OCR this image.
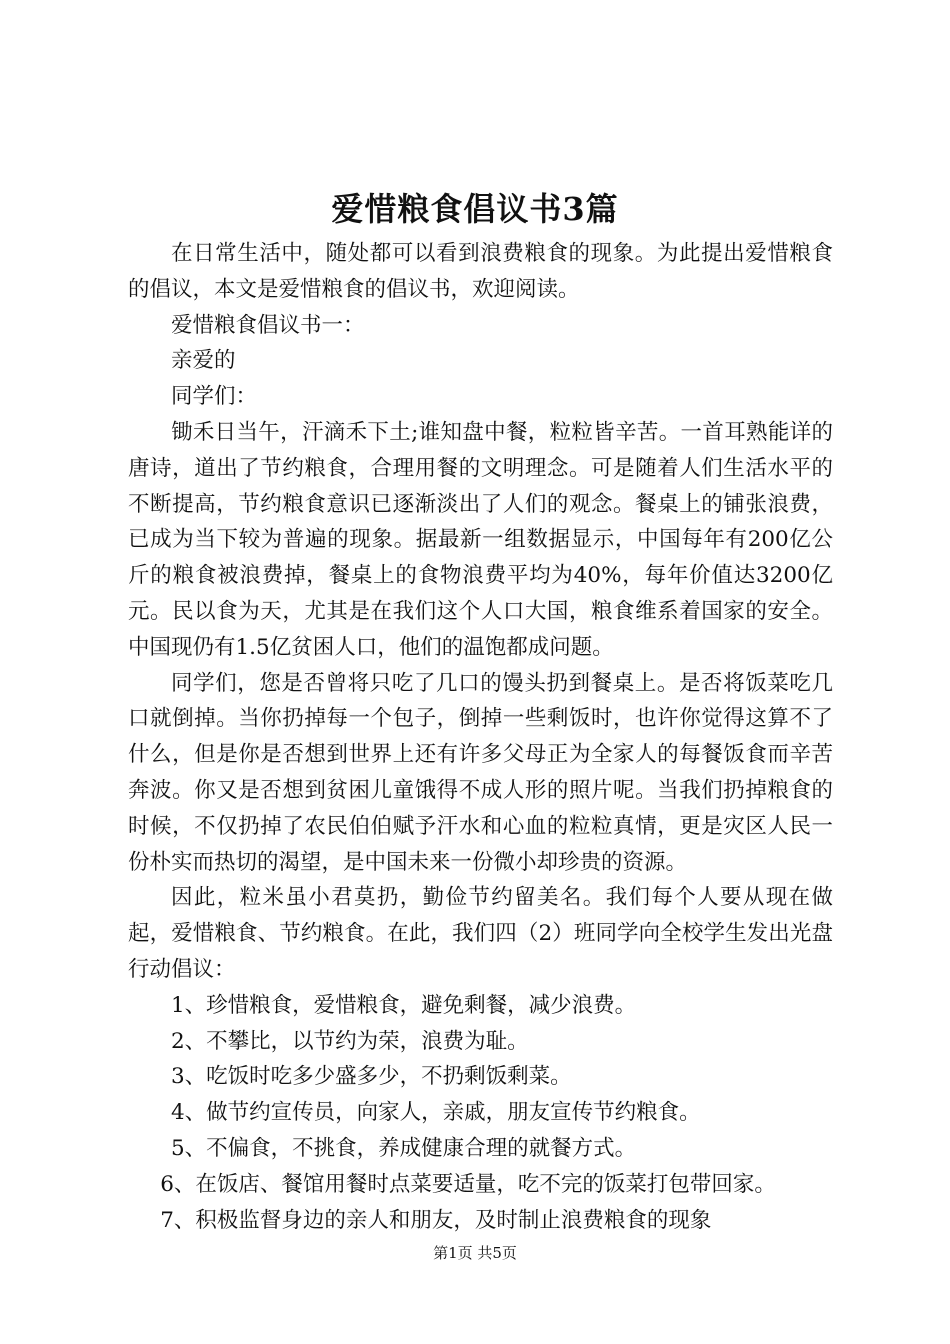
爱惜粮食倡议书3篇

在日常生活中，随处都可以看到浪费粮食的现象。为此提出爱惜粮食的倡议，本文是爱惜粮食的倡议书，欢迎阅读。

爱惜粮食倡议书一：

亲爱的

同学们：

锄禾日当午，汗滴禾下土;谁知盘中餐，粒粒皆辛苦。一首耳熟能详的唐诗，道出了节约粮食，合理用餐的文明理念。可是随着人们生活水平的不断提高，节约粮食意识已逐渐淡出了人们的观念。餐桌上的铺张浪费，已成为当下较为普遍的现象。据最新一组数据显示，中国每年有200亿公斤的粮食被浪费掉，餐桌上的食物浪费平均为40%，每年价值达3200亿元。民以食为天，尤其是在我们这个人口大国，粮食维系着国家的安全。中国现仍有1.5亿贫困人口，他们的温饱都成问题。

同学们，您是否曾将只吃了几口的馒头扔到餐桌上。是否将饭菜吃几口就倒掉。当你扔掉每一个包子，倒掉一些剩饭时，也许你觉得这算不了什么，但是你是否想到世界上还有许多父母正为全家人的每餐饭食而辛苦奔波。你又是否想到贫困儿童饿得不成人形的照片呢。当我们扔掉粮食的时候，不仅扔掉了农民伯伯赋予汗水和心血的粒粒真情，更是灾区人民一份朴实而热切的渴望，是中国未来一份微小却珍贵的资源。

因此，粒米虽小君莫扔，勤俭节约留美名。我们每个人要从现在做起，爱惜粮食、节约粮食。在此，我们四（2）班同学向全校学生发出光盘行动倡议：

1、珍惜粮食，爱惜粮食，避免剩餐，减少浪费。

2、不攀比，以节约为荣，浪费为耻。

3、吃饭时吃多少盛多少，不扔剩饭剩菜。

4、做节约宣传员，向家人，亲戚，朋友宣传节约粮食。

5、不偏食，不挑食，养成健康合理的就餐方式。

6、在饭店、餐馆用餐时点菜要适量，吃不完的饭菜打包带回家。

7、积极监督身边的亲人和朋友，及时制止浪费粮食的现象

第1页 共5页
